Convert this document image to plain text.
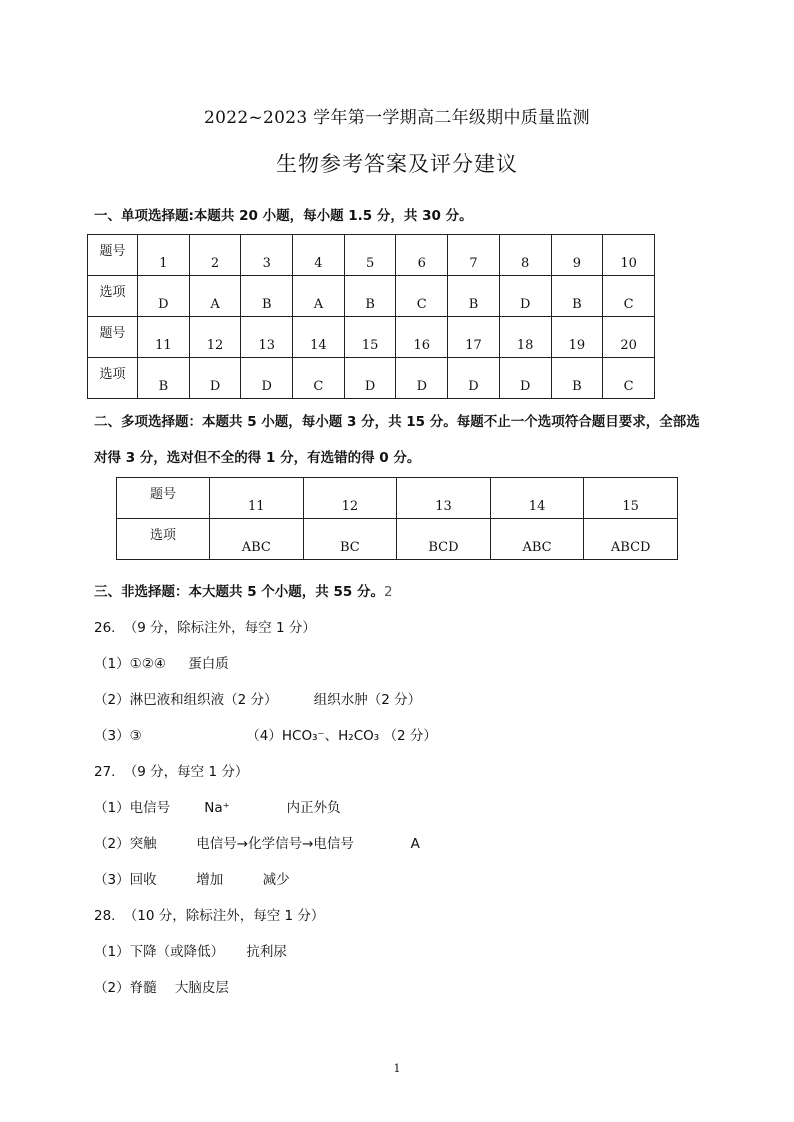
2022~2023 学年第一学期高二年级期中质量监测
生物参考答案及评分建议
一、单项选择题:本题共 20 小题，每小题 1.5 分，共 30 分。
题号	1	2	3	4	5	6	7	8	9	10
选项	D	A	B	A	B	C	B	D	B	C
题号	11	12	13	14	15	16	17	18	19	20
选项	B	D	D	C	D	D	D	D	B	C
二、多项选择题：本题共 5 小题，每小题 3 分，共 15 分。每题不止一个选项符合题目要求，全部选
对得 3 分，选对但不全的得 1 分，有选错的得 0 分。
题号	11	12	13	14	15
选项	ABC	BC	BCD	ABC	ABCD
三、非选择题：本大题共 5 个小题，共 55 分。2
26. （9 分，除标注外，每空 1 分）
（1）①②④ 蛋白质
（2）淋巴液和组织液（2 分）	组织水肿（2 分）
（3）③	（4）HCO₃⁻、H₂CO₃ （2 分）
27. （9 分，每空 1 分）
（1）电信号	Na⁺	内正外负
（2）突触	电信号→化学信号→电信号	A
（3）回收	增加	减少
28. （10 分，除标注外，每空 1 分）
（1）下降（或降低） 抗利尿
（2）脊髓 大脑皮层
1
